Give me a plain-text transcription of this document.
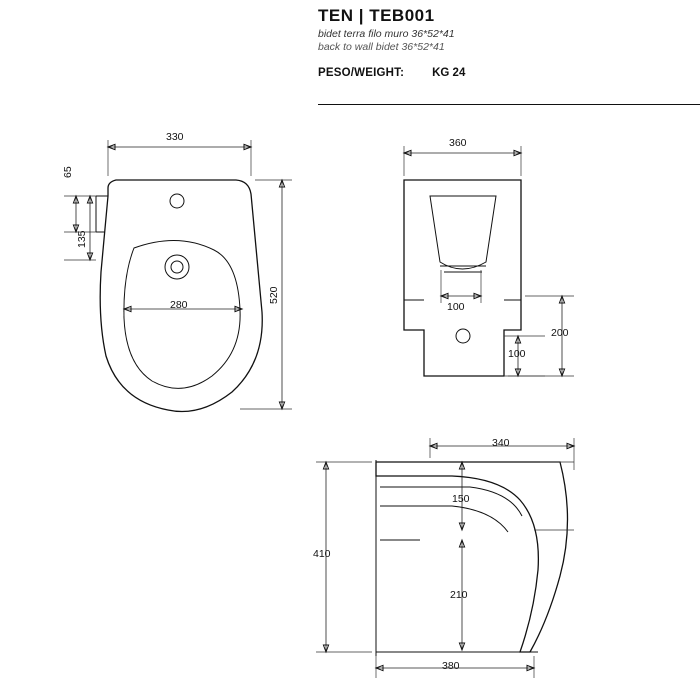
TEN | TEB001
bidet terra filo muro 36*52*41
back to wall bidet 36*52*41
PESO/WEIGHT: KG 24
330
65
135
280
520
360
100
100
200
340
150
410
210
380
